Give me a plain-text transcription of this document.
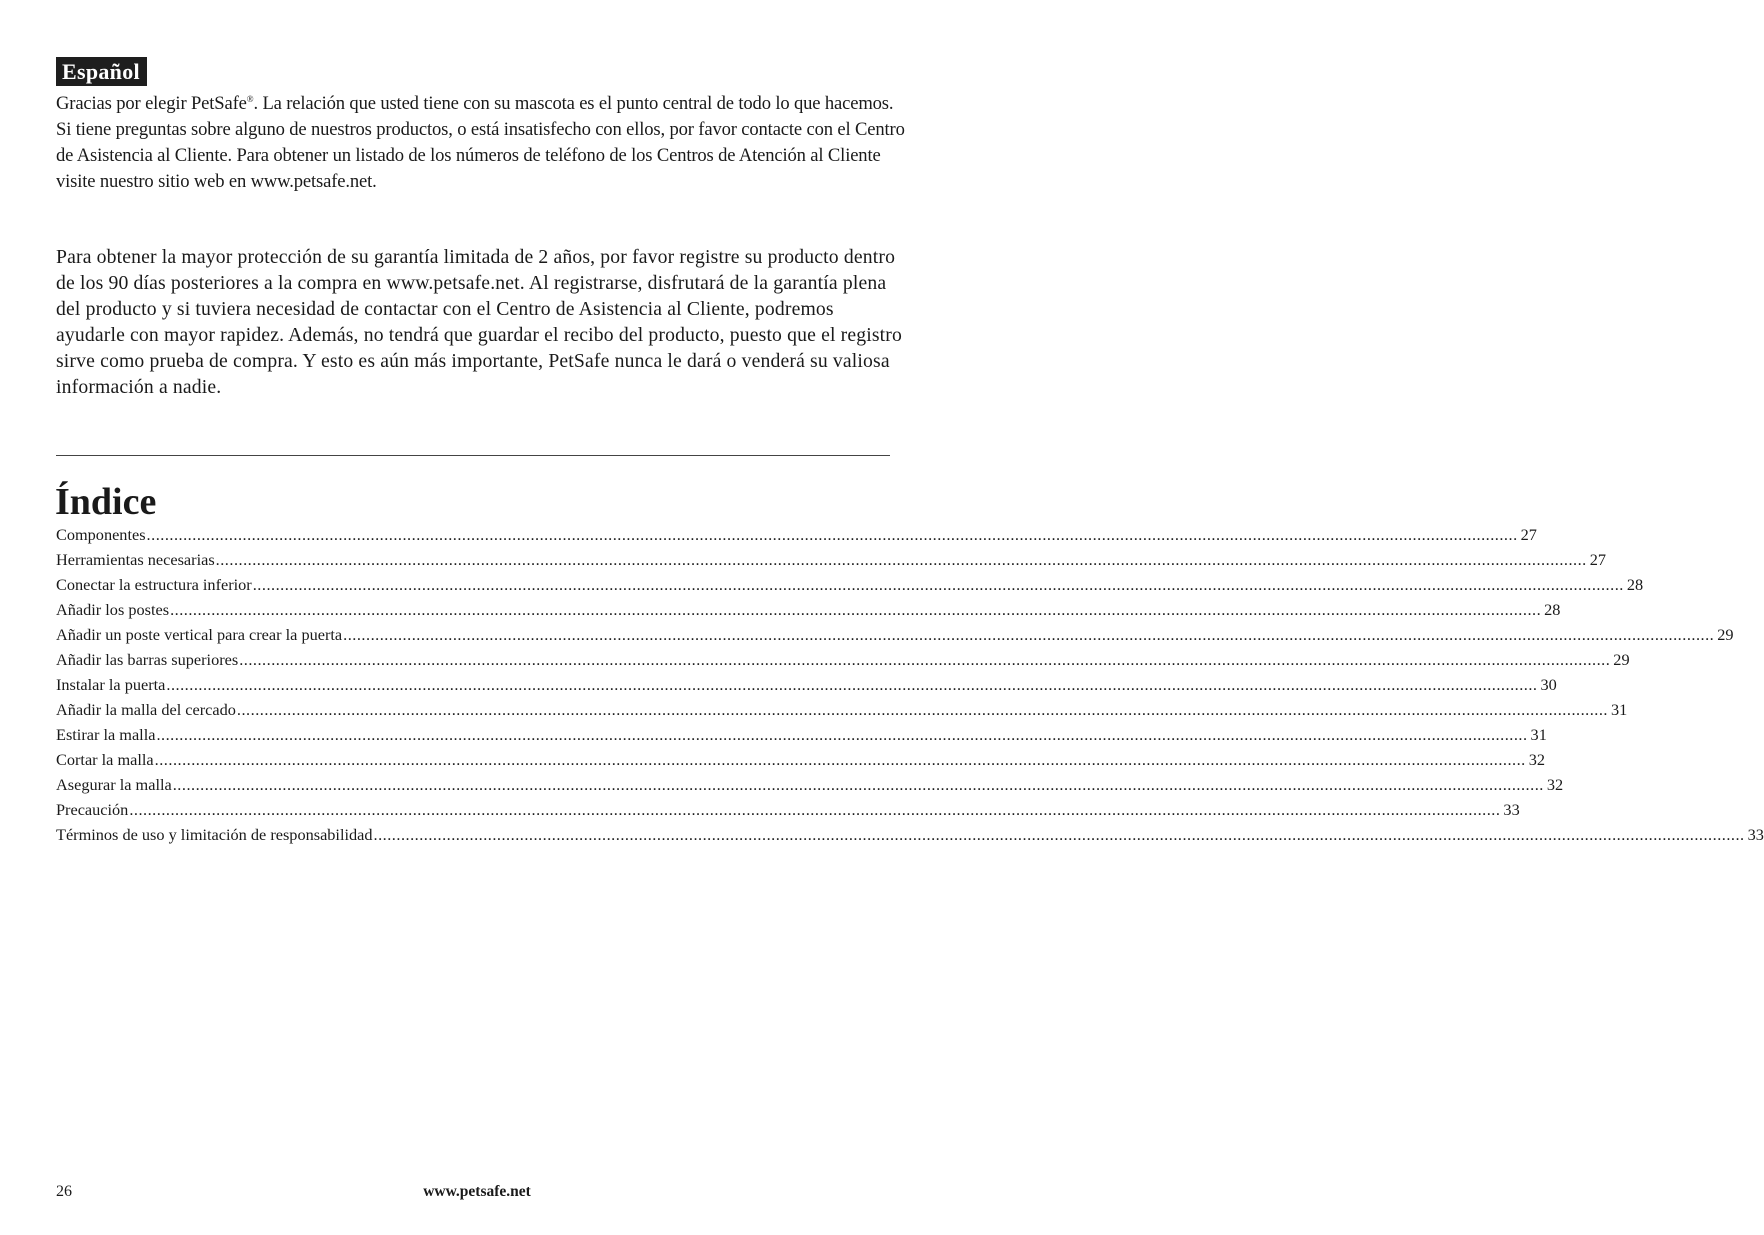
Español

Gracias por elegir PetSafe®. La relación que usted tiene con su mascota es el punto central de todo lo que hacemos. Si tiene preguntas sobre alguno de nuestros productos, o está insatisfecho con ellos, por favor contacte con el Centro de Asistencia al Cliente. Para obtener un listado de los números de teléfono de los Centros de Atención al Cliente visite nuestro sitio web en www.petsafe.net.

Para obtener la mayor protección de su garantía limitada de 2 años, por favor registre su producto dentro de los 90 días posteriores a la compra en www.petsafe.net. Al registrarse, disfrutará de la garantía plena del producto y si tuviera necesidad de contactar con el Centro de Asistencia al Cliente, podremos ayudarle con mayor rapidez. Además, no tendrá que guardar el recibo del producto, puesto que el registro sirve como prueba de compra. Y esto es aún más importante, PetSafe nunca le dará o venderá su valiosa información a nadie.

Índice
Componentes ............................................................................................................................................................................................................................................................................................................ 27
Herramientas necesarias ............................................................................................................................................................................................................................................................................................................ 27
Conectar la estructura inferior ............................................................................................................................................................................................................................................................................................................ 28
Añadir los postes ............................................................................................................................................................................................................................................................................................................ 28
Añadir un poste vertical para crear la puerta ............................................................................................................................................................................................................................................................................................................ 29
Añadir las barras superiores ............................................................................................................................................................................................................................................................................................................ 29
Instalar la puerta ............................................................................................................................................................................................................................................................................................................ 30
Añadir la malla del cercado ............................................................................................................................................................................................................................................................................................................ 31
Estirar la malla ............................................................................................................................................................................................................................................................................................................ 31
Cortar la malla ............................................................................................................................................................................................................................................................................................................ 32
Asegurar la malla ............................................................................................................................................................................................................................................................................................................ 32
Precaución ............................................................................................................................................................................................................................................................................................................ 33
Términos de uso y limitación de responsabilidad ............................................................................................................................................................................................................................................................................................................ 33
26	www.petsafe.net
